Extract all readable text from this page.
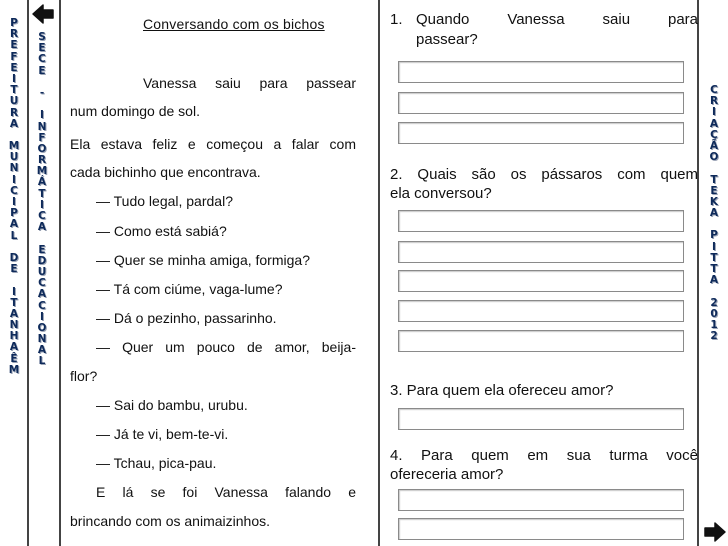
P
R
E
F
E
I
T
U
R
A
M
U
N
I
C
I
P
A
L
D
E
I
T
A
N
H
A
Ê
M
S
E
C
E
-
I
N
F
O
R
M
Á
T
I
C
A
E
D
U
C
A
C
I
O
N
A
L
C
R
I
A
Ç
Ã
O
T
E
K
A
P
I
T
T
A
2
0
1
2
Conversando com os bichos
Vanessa saiu para passear
num domingo de sol.
Ela estava feliz e começou a falar com
cada bichinho que encontrava.
— Tudo legal, pardal?
— Como está sabiá?
— Quer se minha amiga, formiga?
— Tá com ciúme, vaga-lume?
— Dá o pezinho, passarinho.
— Quer um pouco de amor, beija-
flor?
— Sai do bambu, urubu.
— Já te vi, bem-te-vi.
— Tchau, pica-pau.
E lá se foi Vanessa falando e
brincando com os animaizinhos.
1. Quando Vanessa saiu para
passear?
2. Quais são os pássaros com quem
ela conversou?
3. Para quem ela ofereceu amor?
4. Para quem em sua turma você
ofereceria amor?
